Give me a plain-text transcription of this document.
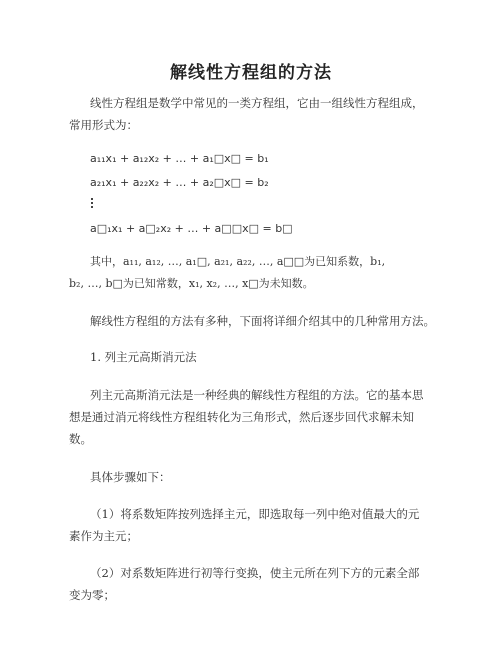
解线性方程组的方法
线性方程组是数学中常见的一类方程组，它由一组线性方程组成，
常用形式为：
a₁₁x₁ + a₁₂x₂ + … + a₁□x□ = b₁
a₂₁x₁ + a₂₂x₂ + … + a₂□x□ = b₂
a□₁x₁ + a□₂x₂ + … + a□□x□ = b□
其中，a₁₁, a₁₂, …, a₁□, a₂₁, a₂₂, …, a□□为已知系数，b₁,
b₂, …, b□为已知常数，x₁, x₂, …, x□为未知数。
解线性方程组的方法有多种，下面将详细介绍其中的几种常用方法。
1. 列主元高斯消元法
列主元高斯消元法是一种经典的解线性方程组的方法。它的基本思
想是通过消元将线性方程组转化为三角形式，然后逐步回代求解未知
数。
具体步骤如下：
（1）将系数矩阵按列选择主元，即选取每一列中绝对值最大的元
素作为主元；
（2）对系数矩阵进行初等行变换，使主元所在列下方的元素全部
变为零；
